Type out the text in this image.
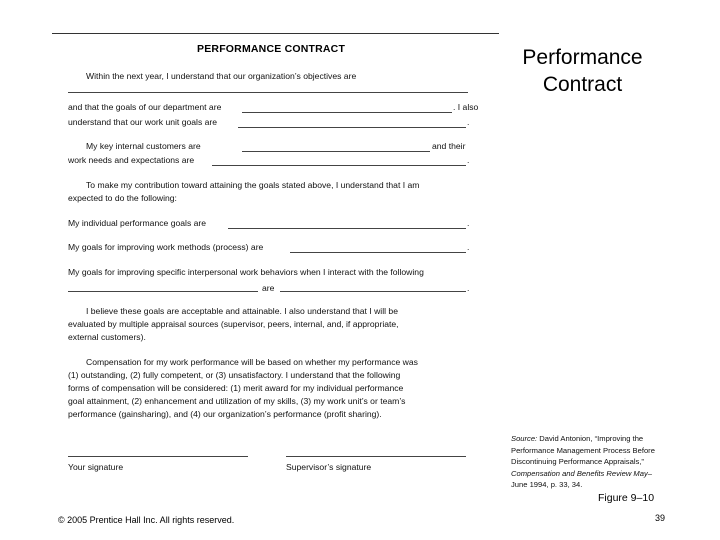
PERFORMANCE CONTRACT
Within the next year, I understand that our organization’s objectives are
and that the goals of our department are	. I also
understand that our work unit goals are	.
My key internal customers are	and their
work needs and expectations are	.
To make my contribution toward attaining the goals stated above, I understand that I am
expected to do the following:
My individual performance goals are	.
My goals for improving work methods (process) are	.
My goals for improving specific interpersonal work behaviors when I interact with the following
are	.
I believe these goals are acceptable and attainable. I also understand that I will be
evaluated by multiple appraisal sources (supervisor, peers, internal, and, if appropriate,
external customers).
Compensation for my work performance will be based on whether my performance was
(1) outstanding, (2) fully competent, or (3) unsatisfactory. I understand that the following
forms of compensation will be considered: (1) merit award for my individual performance
goal attainment, (2) enhancement and utilization of my skills, (3) my work unit’s or team’s
performance (gainsharing), and (4) our organization’s performance (profit sharing).
Your signature	Supervisor’s signature
Performance
Contract
Source: David Antonion, “Improving the
Performance Management Process Before
Discontinuing Performance Appraisals,”
Compensation and Benefits Review May–
June 1994, p. 33, 34.
Figure 9–10
© 2005 Prentice Hall Inc. All rights reserved.	39
